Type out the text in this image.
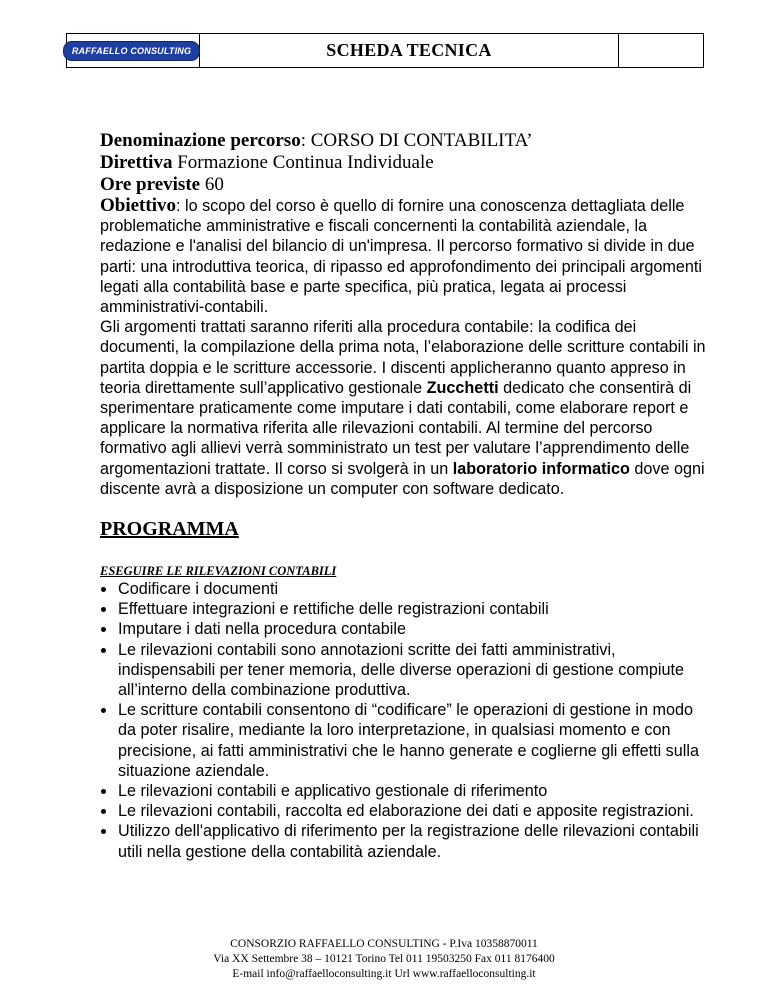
RAFFAELLO CONSULTING	SCHEDA TECNICA
Denominazione percorso: CORSO DI CONTABILITA’
Direttiva Formazione Continua Individuale
Ore previste 60
Obiettivo: lo scopo del corso è quello di fornire una conoscenza dettagliata delle problematiche amministrative e fiscali concernenti la contabilità aziendale, la redazione e l'analisi del bilancio di un'impresa. Il percorso formativo si divide in due parti: una introduttiva teorica, di ripasso ed approfondimento dei principali argomenti legati alla contabilità base e parte specifica, più pratica, legata ai processi amministrativi-contabili.
Gli argomenti trattati saranno riferiti alla procedura contabile: la codifica dei documenti, la compilazione della prima nota, l’elaborazione delle scritture contabili in partita doppia e le scritture accessorie. I discenti applicheranno quanto appreso in teoria direttamente sull’applicativo gestionale Zucchetti dedicato che consentirà di sperimentare praticamente come imputare i dati contabili, come elaborare report e applicare la normativa riferita alle rilevazioni contabili. Al termine del percorso formativo agli allievi verrà somministrato un test per valutare l’apprendimento delle argomentazioni trattate. Il corso si svolgerà in un laboratorio informatico dove ogni discente avrà a disposizione un computer con software dedicato.
PROGRAMMA
ESEGUIRE LE RILEVAZIONI CONTABILI
Codificare i documenti
Effettuare integrazioni e rettifiche delle registrazioni contabili
Imputare i dati nella procedura contabile
Le rilevazioni contabili sono annotazioni scritte dei fatti amministrativi, indispensabili per tener memoria, delle diverse operazioni di gestione compiute all’interno della combinazione produttiva.
Le scritture contabili consentono di “codificare” le operazioni di gestione in modo da poter risalire, mediante la loro interpretazione, in qualsiasi momento e con precisione, ai fatti amministrativi che le hanno generate e coglierne gli effetti sulla situazione aziendale.
Le rilevazioni contabili e applicativo gestionale di riferimento
Le rilevazioni contabili, raccolta ed elaborazione dei dati e apposite registrazioni.
Utilizzo dell'applicativo di riferimento per la registrazione delle rilevazioni contabili utili nella gestione della contabilità aziendale.
CONSORZIO RAFFAELLO CONSULTING - P.Iva 10358870011
Via XX Settembre 38 – 10121 Torino Tel 011 19503250 Fax 011 8176400
E-mail info@raffaelloconsulting.it Url www.raffaelloconsulting.it
